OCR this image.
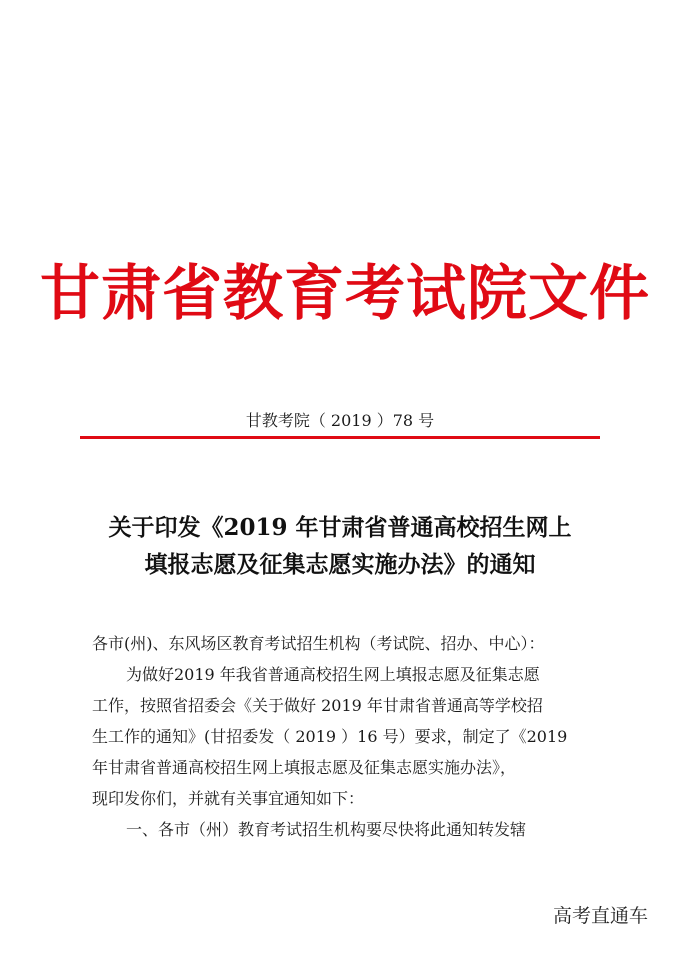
甘肃省教育考试院文件
甘教考院（ 2019 ）78 号
关于印发《2019 年甘肃省普通高校招生网上
填报志愿及征集志愿实施办法》的通知
各市(州)、东风场区教育考试招生机构（考试院、招办、中心）：
为做好2019 年我省普通高校招生网上填报志愿及征集志愿
工作，按照省招委会《关于做好 2019 年甘肃省普通高等学校招
生工作的通知》(甘招委发（ 2019 ）16 号）要求，制定了《2019
年甘肃省普通高校招生网上填报志愿及征集志愿实施办法》，
现印发你们，并就有关事宜通知如下：
一、各市（州）教育考试招生机构要尽快将此通知转发辖
高考直通车
